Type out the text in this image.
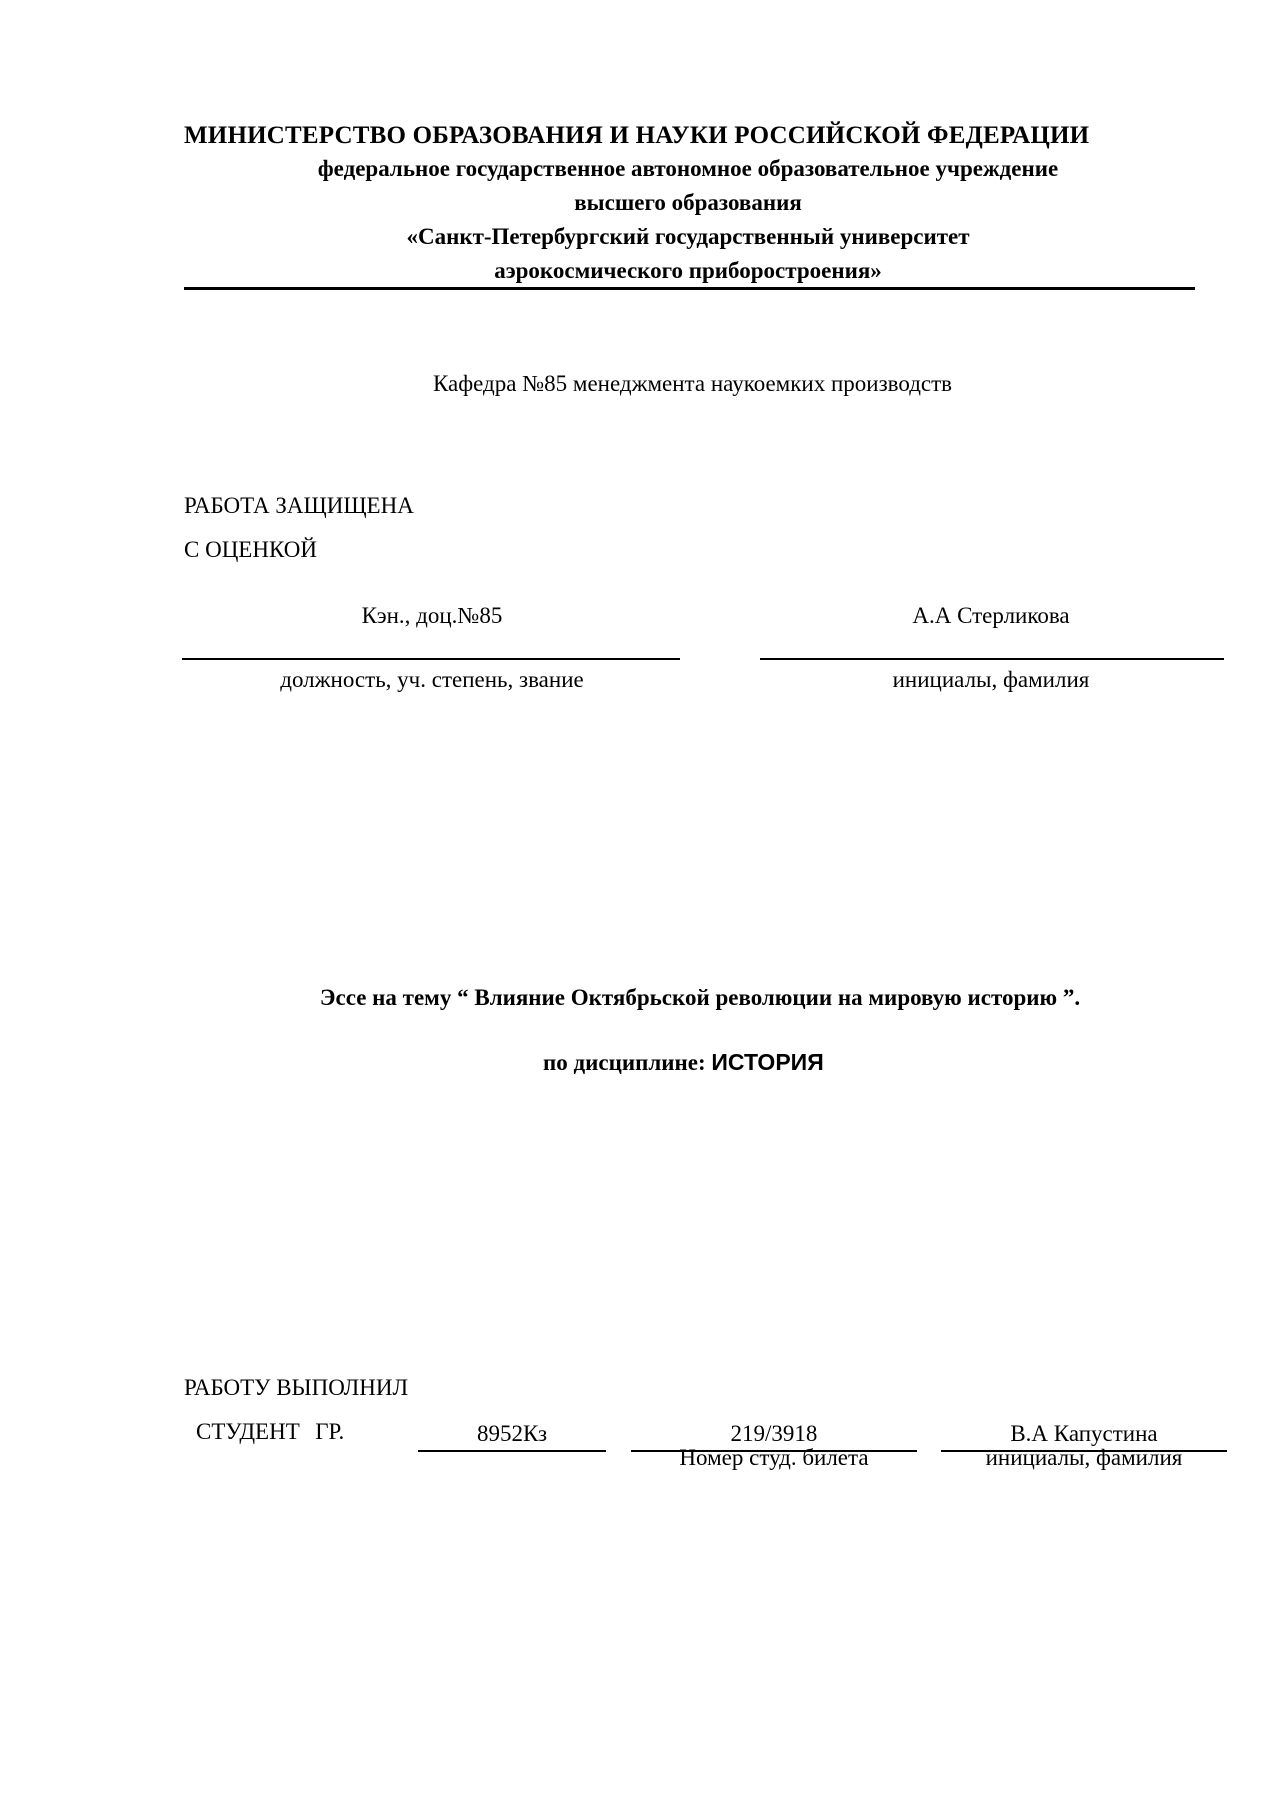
МИНИСТЕРСТВО ОБРАЗОВАНИЯ И НАУКИ РОССИЙСКОЙ ФЕДЕРАЦИИ
федеральное государственное автономное образовательное учреждение
высшего образования
«Санкт-Петербургский государственный университет
аэрокосмического приборостроения»
Кафедра №85 менеджмента наукоемких производств
РАБОТА ЗАЩИЩЕНА
С ОЦЕНКОЙ
Кэн., доц.№85
должность, уч. степень, звание
А.А Стерликова
инициалы, фамилия
Эссе на тему “ Влияние Октябрьской революции на мировую историю ”.
по дисциплине: ИСТОРИЯ
РАБОТУ ВЫПОЛНИЛ
СТУДЕНТ  ГР.	8952Кз	219/3918
Номер студ. билета
В.А Капустина
инициалы, фамилия
